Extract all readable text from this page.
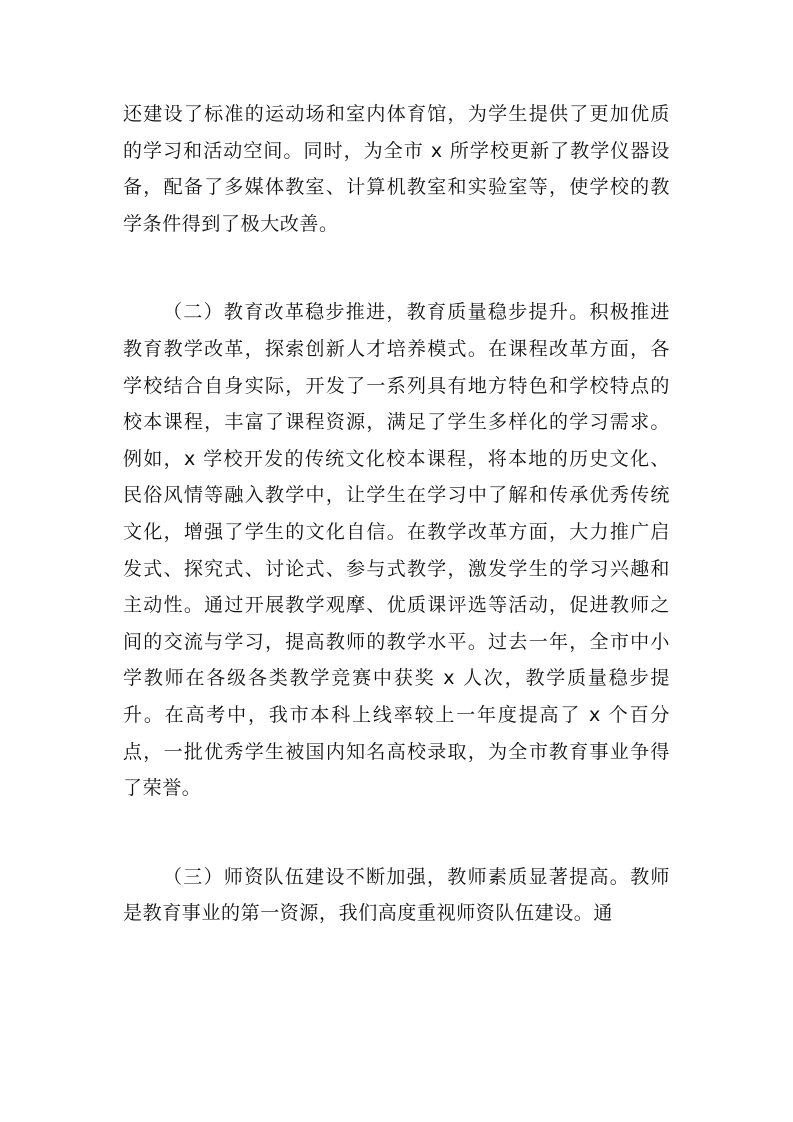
还建设了标准的运动场和室内体育馆，为学生提供了更加优质的学习和活动空间。同时，为全市 x 所学校更新了教学仪器设备，配备了多媒体教室、计算机教室和实验室等，使学校的教学条件得到了极大改善。

（二）教育改革稳步推进，教育质量稳步提升。积极推进教育教学改革，探索创新人才培养模式。在课程改革方面，各学校结合自身实际，开发了一系列具有地方特色和学校特点的校本课程，丰富了课程资源，满足了学生多样化的学习需求。例如，x 学校开发的传统文化校本课程，将本地的历史文化、民俗风情等融入教学中，让学生在学习中了解和传承优秀传统文化，增强了学生的文化自信。在教学改革方面，大力推广启发式、探究式、讨论式、参与式教学，激发学生的学习兴趣和主动性。通过开展教学观摩、优质课评选等活动，促进教师之间的交流与学习，提高教师的教学水平。过去一年，全市中小学教师在各级各类教学竞赛中获奖 x 人次，教学质量稳步提升。在高考中，我市本科上线率较上一年度提高了 x 个百分点，一批优秀学生被国内知名高校录取，为全市教育事业争得了荣誉。

（三）师资队伍建设不断加强，教师素质显著提高。教师是教育事业的第一资源，我们高度重视师资队伍建设。通
